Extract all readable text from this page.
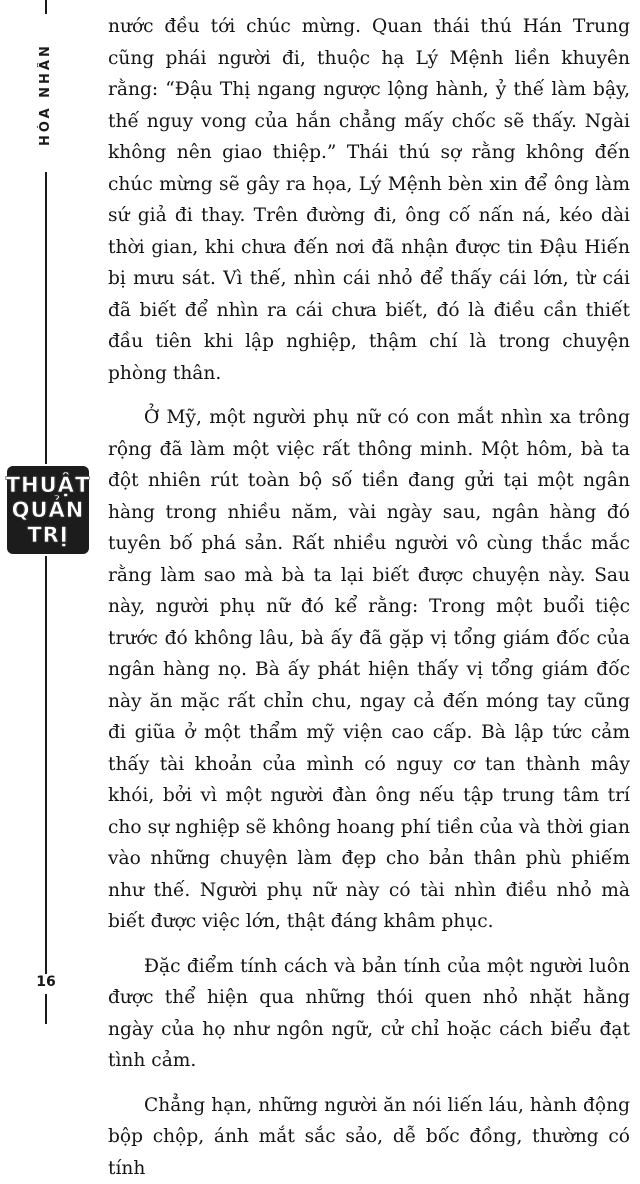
HÒA NHÂN
THUẬT
QUẢN
TRỊ
16

nước đều tới chúc mừng. Quan thái thú Hán Trung cũng phái người đi, thuộc hạ Lý Mệnh liền khuyên rằng: “Đậu Thị ngang ngược lộng hành, ỷ thế làm bậy, thế nguy vong của hắn chẳng mấy chốc sẽ thấy. Ngài không nên giao thiệp.” Thái thú sợ rằng không đến chúc mừng sẽ gây ra họa, Lý Mệnh bèn xin để ông làm sứ giả đi thay. Trên đường đi, ông cố nấn ná, kéo dài thời gian, khi chưa đến nơi đã nhận được tin Đậu Hiến bị mưu sát. Vì thế, nhìn cái nhỏ để thấy cái lớn, từ cái đã biết để nhìn ra cái chưa biết, đó là điều cần thiết đầu tiên khi lập nghiệp, thậm chí là trong chuyện phòng thân.

Ở Mỹ, một người phụ nữ có con mắt nhìn xa trông rộng đã làm một việc rất thông minh. Một hôm, bà ta đột nhiên rút toàn bộ số tiền đang gửi tại một ngân hàng trong nhiều năm, vài ngày sau, ngân hàng đó tuyên bố phá sản. Rất nhiều người vô cùng thắc mắc rằng làm sao mà bà ta lại biết được chuyện này. Sau này, người phụ nữ đó kể rằng: Trong một buổi tiệc trước đó không lâu, bà ấy đã gặp vị tổng giám đốc của ngân hàng nọ. Bà ấy phát hiện thấy vị tổng giám đốc này ăn mặc rất chỉn chu, ngay cả đến móng tay cũng đi giũa ở một thẩm mỹ viện cao cấp. Bà lập tức cảm thấy tài khoản của mình có nguy cơ tan thành mây khói, bởi vì một người đàn ông nếu tập trung tâm trí cho sự nghiệp sẽ không hoang phí tiền của và thời gian vào những chuyện làm đẹp cho bản thân phù phiếm như thế. Người phụ nữ này có tài nhìn điều nhỏ mà biết được việc lớn, thật đáng khâm phục.

Đặc điểm tính cách và bản tính của một người luôn được thể hiện qua những thói quen nhỏ nhặt hằng ngày của họ như ngôn ngữ, cử chỉ hoặc cách biểu đạt tình cảm.

Chẳng hạn, những người ăn nói liến láu, hành động bộp chộp, ánh mắt sắc sảo, dễ bốc đồng, thường có tính
